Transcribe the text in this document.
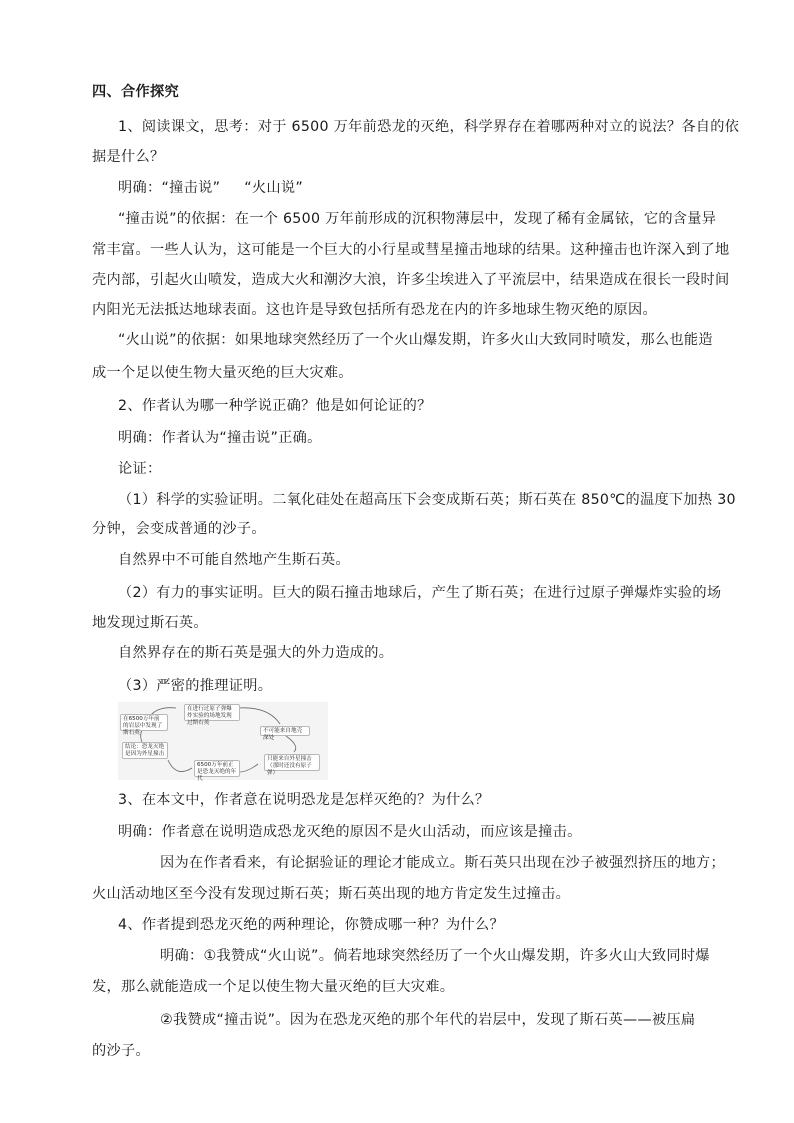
四、合作探究
1、阅读课文，思考：对于 6500 万年前恐龙的灭绝，科学界存在着哪两种对立的说法？各自的依
据是什么？
明确：“撞击说”     “火山说”
“撞击说”的依据：在一个 6500 万年前形成的沉积物薄层中，发现了稀有金属铱，它的含量异
常丰富。一些人认为，这可能是一个巨大的小行星或彗星撞击地球的结果。这种撞击也许深入到了地
壳内部，引起火山喷发，造成大火和潮汐大浪，许多尘埃进入了平流层中，结果造成在很长一段时间
内阳光无法抵达地球表面。这也许是导致包括所有恐龙在内的许多地球生物灭绝的原因。
“火山说”的依据：如果地球突然经历了一个火山爆发期，许多火山大致同时喷发，那么也能造
成一个足以使生物大量灭绝的巨大灾难。
2、作者认为哪一种学说正确？他是如何论证的？
明确：作者认为“撞击说”正确。
论证：
（1）科学的实验证明。二氧化硅处在超高压下会变成斯石英；斯石英在 850℃的温度下加热 30
分钟，会变成普通的沙子。
自然界中不可能自然地产生斯石英。
（2）有力的事实证明。巨大的陨石撞击地球后，产生了斯石英；在进行过原子弹爆炸实验的场
地发现过斯石英。
自然界存在的斯石英是强大的外力造成的。
（3）严密的推理证明。
在6500万年前的岩层中发现了斯石英
在进行过原子弹爆炸实验的场地发现过斯石英
不可能来自地壳深处
只能来自外星撞击（那时还没有原子弹）
6500万年前正是恐龙灭绝的年代
结论：恐龙灭绝是因为外星撞击
3、在本文中，作者意在说明恐龙是怎样灭绝的？为什么？
明确：作者意在说明造成恐龙灭绝的原因不是火山活动，而应该是撞击。
因为在作者看来，有论据验证的理论才能成立。斯石英只出现在沙子被强烈挤压的地方；
火山活动地区至今没有发现过斯石英；斯石英出现的地方肯定发生过撞击。
4、作者提到恐龙灭绝的两种理论，你赞成哪一种？为什么？
明确：①我赞成“火山说”。倘若地球突然经历了一个火山爆发期，许多火山大致同时爆
发，那么就能造成一个足以使生物大量灭绝的巨大灾难。
②我赞成“撞击说”。因为在恐龙灭绝的那个年代的岩层中，发现了斯石英——被压扁
的沙子。
